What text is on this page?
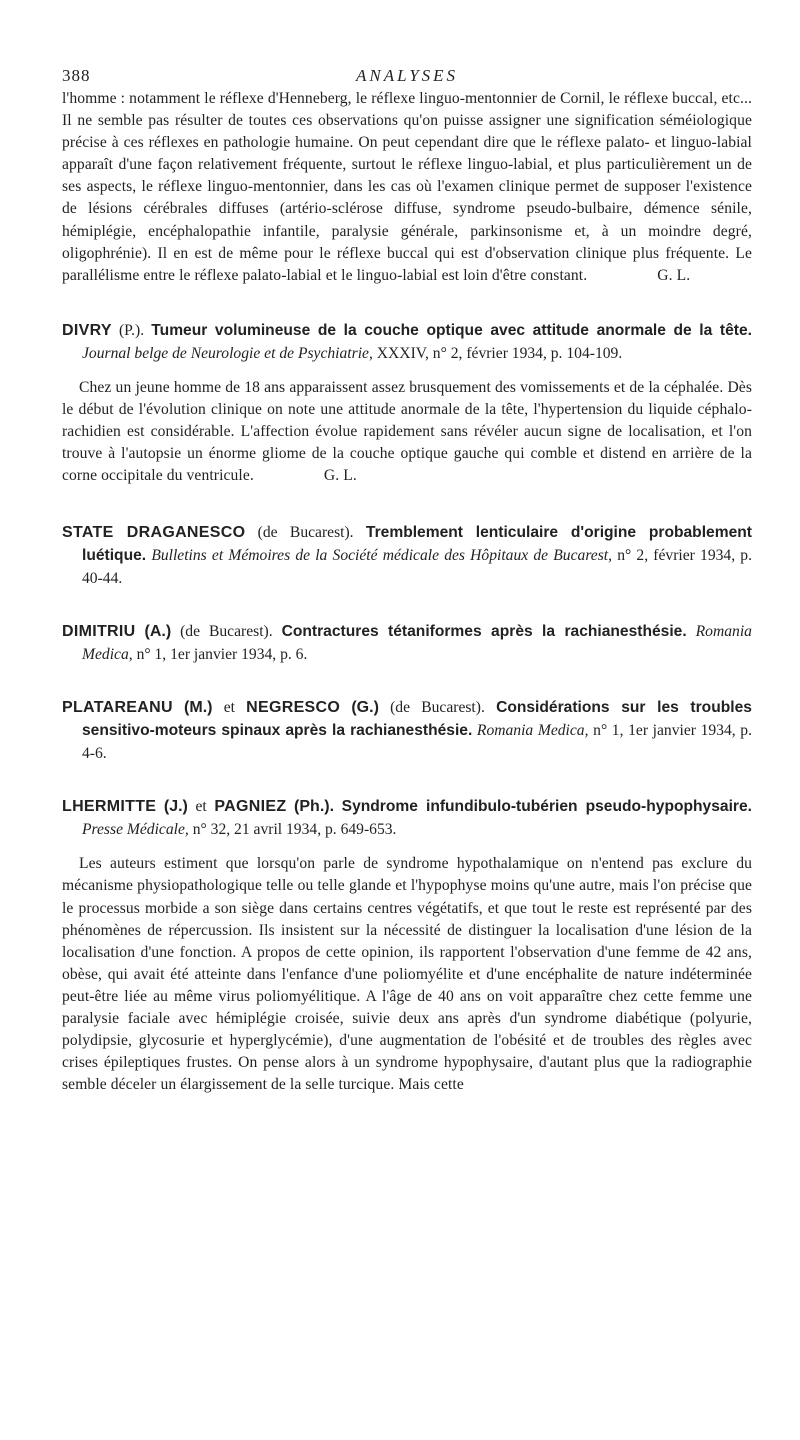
388	ANALYSES

l'homme : notamment le réflexe d'Henneberg, le réflexe linguo-mentonnier de Cornil, le réflexe buccal, etc... Il ne semble pas résulter de toutes ces observations qu'on puisse assigner une signification séméiologique précise à ces réflexes en pathologie humaine. On peut cependant dire que le réflexe palato- et linguo-labial apparaît d'une façon relativement fréquente, surtout le réflexe linguo-labial, et plus particulièrement un de ses aspects, le réflexe linguo-mentonnier, dans les cas où l'examen clinique permet de supposer l'existence de lésions cérébrales diffuses (artério-sclérose diffuse, syndrome pseudo-bulbaire, démence sénile, hémiplégie, encéphalopathie infantile, paralysie générale, parkinsonisme et, à un moindre degré, oligophrénie). Il en est de même pour le réflexe buccal qui est d'observation clinique plus fréquente. Le parallélisme entre le réflexe palato-labial et le linguo-labial est loin d'être constant.	G. L.

DIVRY (P.). Tumeur volumineuse de la couche optique avec attitude anormale de la tête. Journal belge de Neurologie et de Psychiatrie, XXXIV, n° 2, février 1934, p. 104-109.

Chez un jeune homme de 18 ans apparaissent assez brusquement des vomissements et de la céphalée. Dès le début de l'évolution clinique on note une attitude anormale de la tête, l'hypertension du liquide céphalo-rachidien est considérable. L'affection évolue rapidement sans révéler aucun signe de localisation, et l'on trouve à l'autopsie un énorme gliome de la couche optique gauche qui comble et distend en arrière de la corne occipitale du ventricule.	G. L.

STATE DRAGANESCO (de Bucarest). Tremblement lenticulaire d'origine probablement luétique. Bulletins et Mémoires de la Société médicale des Hôpitaux de Bucarest, n° 2, février 1934, p. 40-44.

DIMITRIU (A.) (de Bucarest). Contractures tétaniformes après la rachianesthésie. Romania Medica, n° 1, 1er janvier 1934, p. 6.

PLATAREANU (M.) et NEGRESCO (G.) (de Bucarest). Considérations sur les troubles sensitivo-moteurs spinaux après la rachianesthésie. Romania Medica, n° 1, 1er janvier 1934, p. 4-6.

LHERMITTE (J.) et PAGNIEZ (Ph.). Syndrome infundibulo-tubérien pseudo-hypophysaire. Presse Médicale, n° 32, 21 avril 1934, p. 649-653.

Les auteurs estiment que lorsqu'on parle de syndrome hypothalamique on n'entend pas exclure du mécanisme physiopathologique telle ou telle glande et l'hypophyse moins qu'une autre, mais l'on précise que le processus morbide a son siège dans certains centres végétatifs, et que tout le reste est représenté par des phénomènes de répercussion. Ils insistent sur la nécessité de distinguer la localisation d'une lésion de la localisation d'une fonction. A propos de cette opinion, ils rapportent l'observation d'une femme de 42 ans, obèse, qui avait été atteinte dans l'enfance d'une poliomyélite et d'une encéphalite de nature indéterminée peut-être liée au même virus poliomyélitique. A l'âge de 40 ans on voit apparaître chez cette femme une paralysie faciale avec hémiplégie croisée, suivie deux ans après d'un syndrome diabétique (polyurie, polydipsie, glycosurie et hyperglycémie), d'une augmentation de l'obésité et de troubles des règles avec crises épileptiques frustes. On pense alors à un syndrome hypophysaire, d'autant plus que la radiographie semble déceler un élargissement de la selle turcique. Mais cette
